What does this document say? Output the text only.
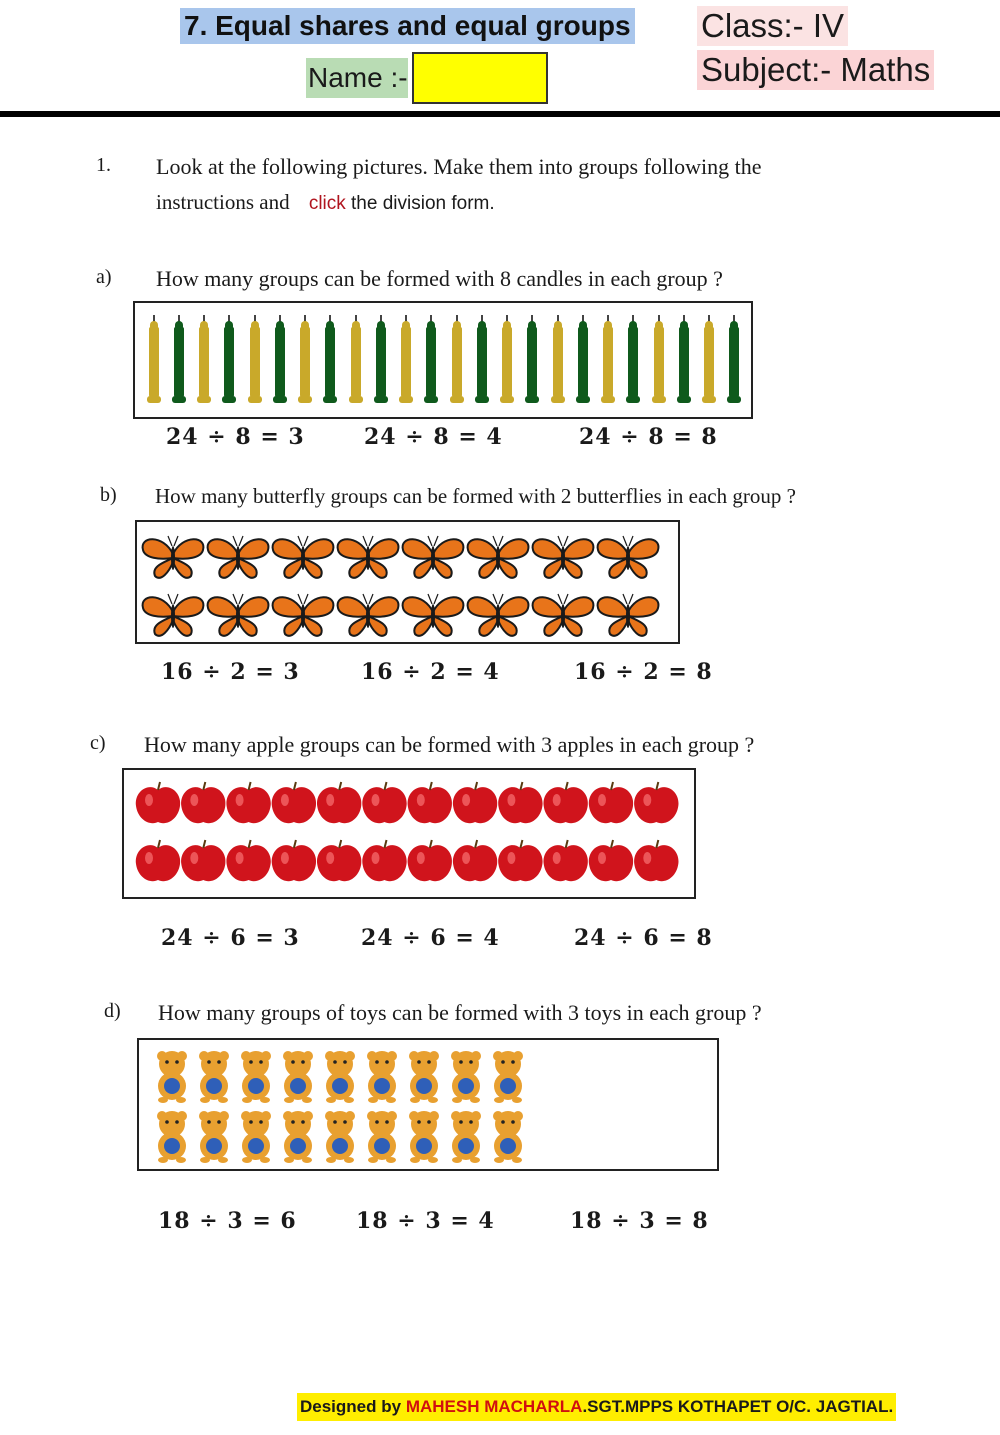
7. Equal shares and equal groups
Name :-
Class:- IV
Subject:- Maths
1. Look at the following pictures. Make them into groups following the
instructions and click the division form.
a) How many groups can be formed with 8 candles in each group ?
24 ÷ 8 = 3	24 ÷ 8 = 4	24 ÷ 8 = 8
b) How many butterfly groups can be formed with 2 butterflies in each group ?
16 ÷ 2 = 3	16 ÷ 2 = 4	16 ÷ 2 = 8
c) How many apple groups can be formed with 3 apples in each group ?
24 ÷ 6 = 3	24 ÷ 6 = 4	24 ÷ 6 = 8
d) How many groups of toys can be formed with 3 toys in each group ?
18 ÷ 3 = 6	18 ÷ 3 = 4	18 ÷ 3 = 8
Designed by MAHESH MACHARLA.SGT.MPPS KOTHAPET O/C. JAGTIAL.
